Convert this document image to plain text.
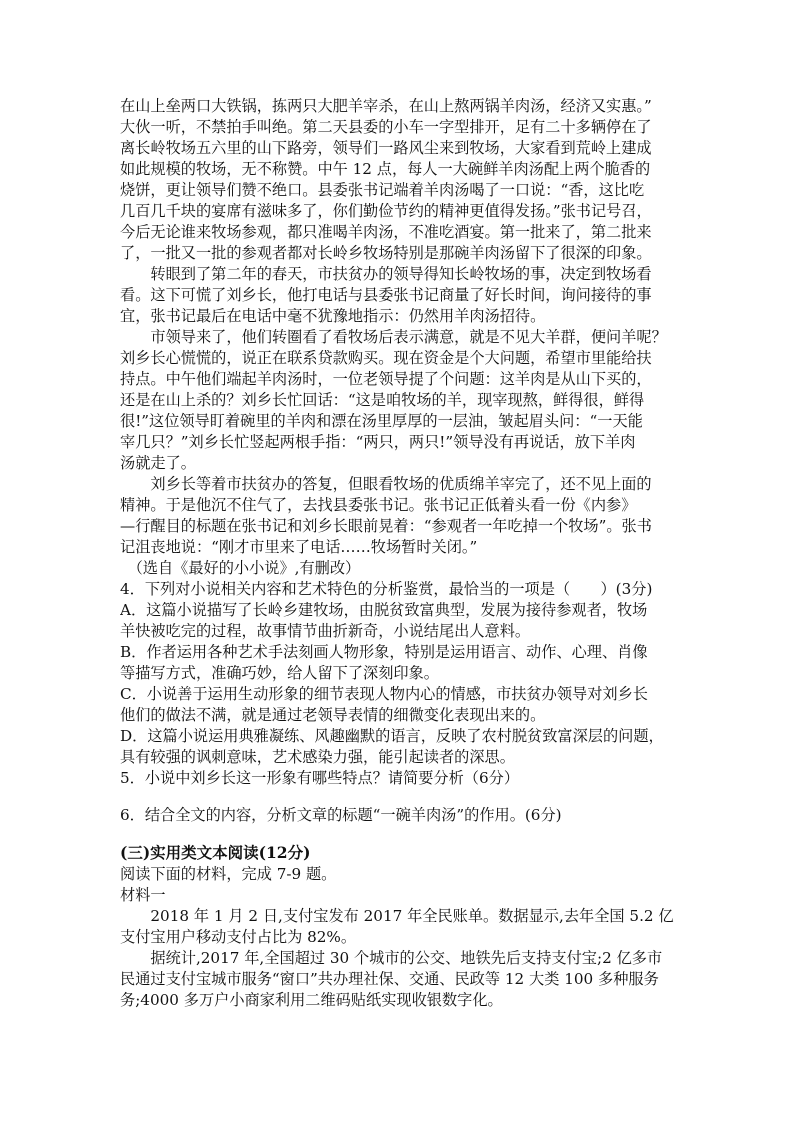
在山上垒两口大铁锅，拣两只大肥羊宰杀，在山上熬两锅羊肉汤，经济又实惠。”
大伙一听，不禁拍手叫绝。第二天县委的小车一字型排开，足有二十多辆停在了
离长岭牧场五六里的山下路旁，领导们一路风尘来到牧场，大家看到荒岭上建成
如此规模的牧场，无不称赞。中午 12 点，每人一大碗鲜羊肉汤配上两个脆香的
烧饼，更让领导们赞不绝口。县委张书记端着羊肉汤喝了一口说：“香，这比吃
几百几千块的宴席有滋味多了，你们勤俭节约的精神更值得发扬。”张书记号召，
今后无论谁来牧场参观，都只准喝羊肉汤，不准吃酒宴。第一批来了，第二批来
了，一批又一批的参观者都对长岭乡牧场特别是那碗羊肉汤留下了很深的印象。
　　转眼到了第二年的春天，市扶贫办的领导得知长岭牧场的事，决定到牧场看
看。这下可慌了刘乡长，他打电话与县委张书记商量了好长时间，询问接待的事
宜，张书记最后在电话中毫不犹豫地指示：仍然用羊肉汤招待。
　　市领导来了，他们转圈看了看牧场后表示满意，就是不见大羊群，便问羊呢？
刘乡长心慌慌的，说正在联系贷款购买。现在资金是个大问题，希望市里能给扶
持点。中午他们端起羊肉汤时，一位老领导提了个问题：这羊肉是从山下买的，
还是在山上杀的？刘乡长忙回话：“这是咱牧场的羊，现宰现熬，鲜得很，鲜得
很!”这位领导盯着碗里的羊肉和漂在汤里厚厚的一层油，皱起眉头问：“一天能
宰几只？”刘乡长忙竖起两根手指：“两只，两只!”领导没有再说话，放下羊肉
汤就走了。
　　刘乡长等着市扶贫办的答复，但眼看牧场的优质绵羊宰完了，还不见上面的
精神。于是他沉不住气了，去找县委张书记。张书记正低着头看一份《内参》
—行醒目的标题在张书记和刘乡长眼前晃着：“参观者一年吃掉一个牧场”。张书
记沮丧地说：“刚才市里来了电话……牧场暂时关闭。”
　（选自《最好的小小说》,有删改）
4．下列对小说相关内容和艺术特色的分析鉴赏，最恰当的一项是（　　）(3分)
A．这篇小说描写了长岭乡建牧场，由脱贫致富典型，发展为接待参观者，牧场
羊快被吃完的过程，故事情节曲折新奇，小说结尾出人意料。
B．作者运用各种艺术手法刻画人物形象，特别是运用语言、动作、心理、肖像
等描写方式，准确巧妙，给人留下了深刻印象。
C．小说善于运用生动形象的细节表现人物内心的情感，市扶贫办领导对刘乡长
他们的做法不满，就是通过老领导表情的细微变化表现出来的。
D．这篇小说运用典雅凝练、风趣幽默的语言，反映了农村脱贫致富深层的问题，
具有较强的讽刺意味，艺术感染力强，能引起读者的深思。
5．小说中刘乡长这一形象有哪些特点？请简要分析（6分）
6．结合全文的内容，分析文章的标题“一碗羊肉汤”的作用。(6分)
(三)实用类文本阅读(12分)
阅读下面的材料，完成 7-9 题。
材料一
　　2018 年 1 月 2 日,支付宝发布 2017 年全民账单。数据显示,去年全国 5.2 亿
支付宝用户移动支付占比为 82%。
　　据统计,2017 年,全国超过 30 个城市的公交、地铁先后支持支付宝;2 亿多市
民通过支付宝城市服务“窗口”共办理社保、交通、民政等 12 大类 100 多种服务
务;4000 多万户小商家利用二维码贴纸实现收银数字化。
